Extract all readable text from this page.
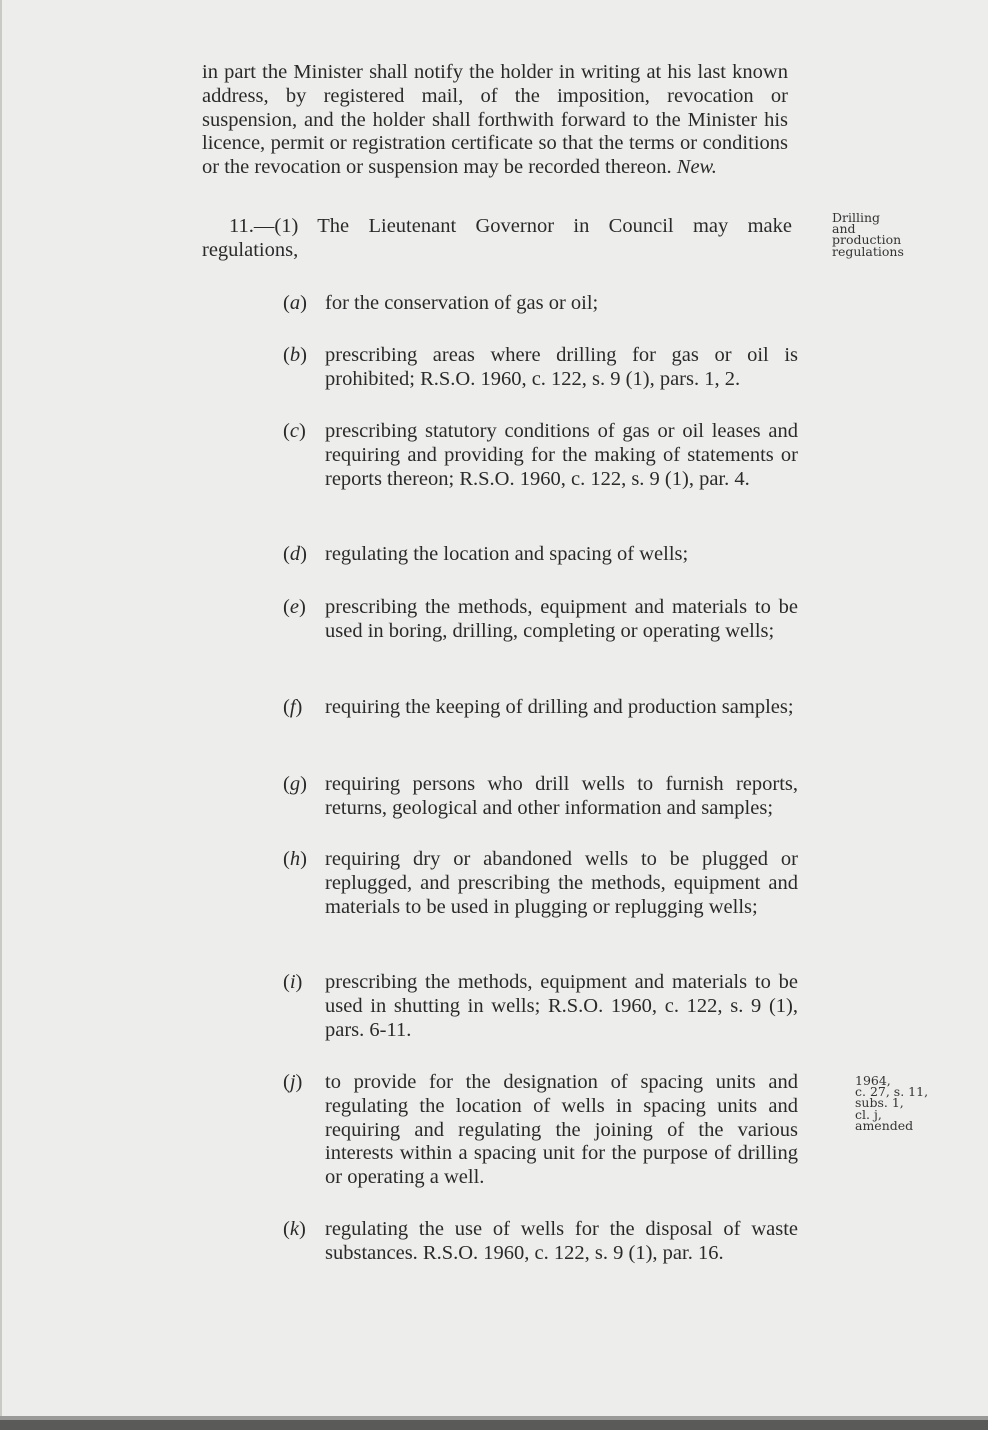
in part the Minister shall notify the holder in writing at his last known address, by registered mail, of the imposition, revocation or suspension, and the holder shall forthwith forward to the Minister his licence, permit or registration certificate so that the terms or conditions or the revocation or suspension may be recorded thereon. New.

11.—(1) The Lieutenant Governor in Council may make regulations,

Drilling
and
production
regulations
(a) for the conservation of gas or oil;
(b) prescribing areas where drilling for gas or oil is prohibited; R.S.O. 1960, c. 122, s. 9 (1), pars. 1, 2.
(c) prescribing statutory conditions of gas or oil leases and requiring and providing for the making of statements or reports thereon; R.S.O. 1960, c. 122, s. 9 (1), par. 4.
(d) regulating the location and spacing of wells;
(e) prescribing the methods, equipment and materials to be used in boring, drilling, completing or operating wells;
(f)	requiring the keeping of drilling and production samples;
(g) requiring persons who drill wells to furnish reports, returns, geological and other information and samples;
(h) requiring dry or abandoned wells to be plugged or replugged, and prescribing the methods, equipment and materials to be used in plugging or replugging wells;
(i)	prescribing the methods, equipment and materials to be used in shutting in wells; R.S.O. 1960, c. 122, s. 9 (1), pars. 6-11.
(j)	to provide for the designation of spacing units and regulating the location of wells in spacing units and requiring and regulating the joining of the various interests within a spacing unit for the purpose of drilling or operating a well.
1964,
c. 27, s. 11,
subs. 1,
cl. j,
amended
(k) regulating the use of wells for the disposal of waste substances. R.S.O. 1960, c. 122, s. 9 (1), par. 16.
